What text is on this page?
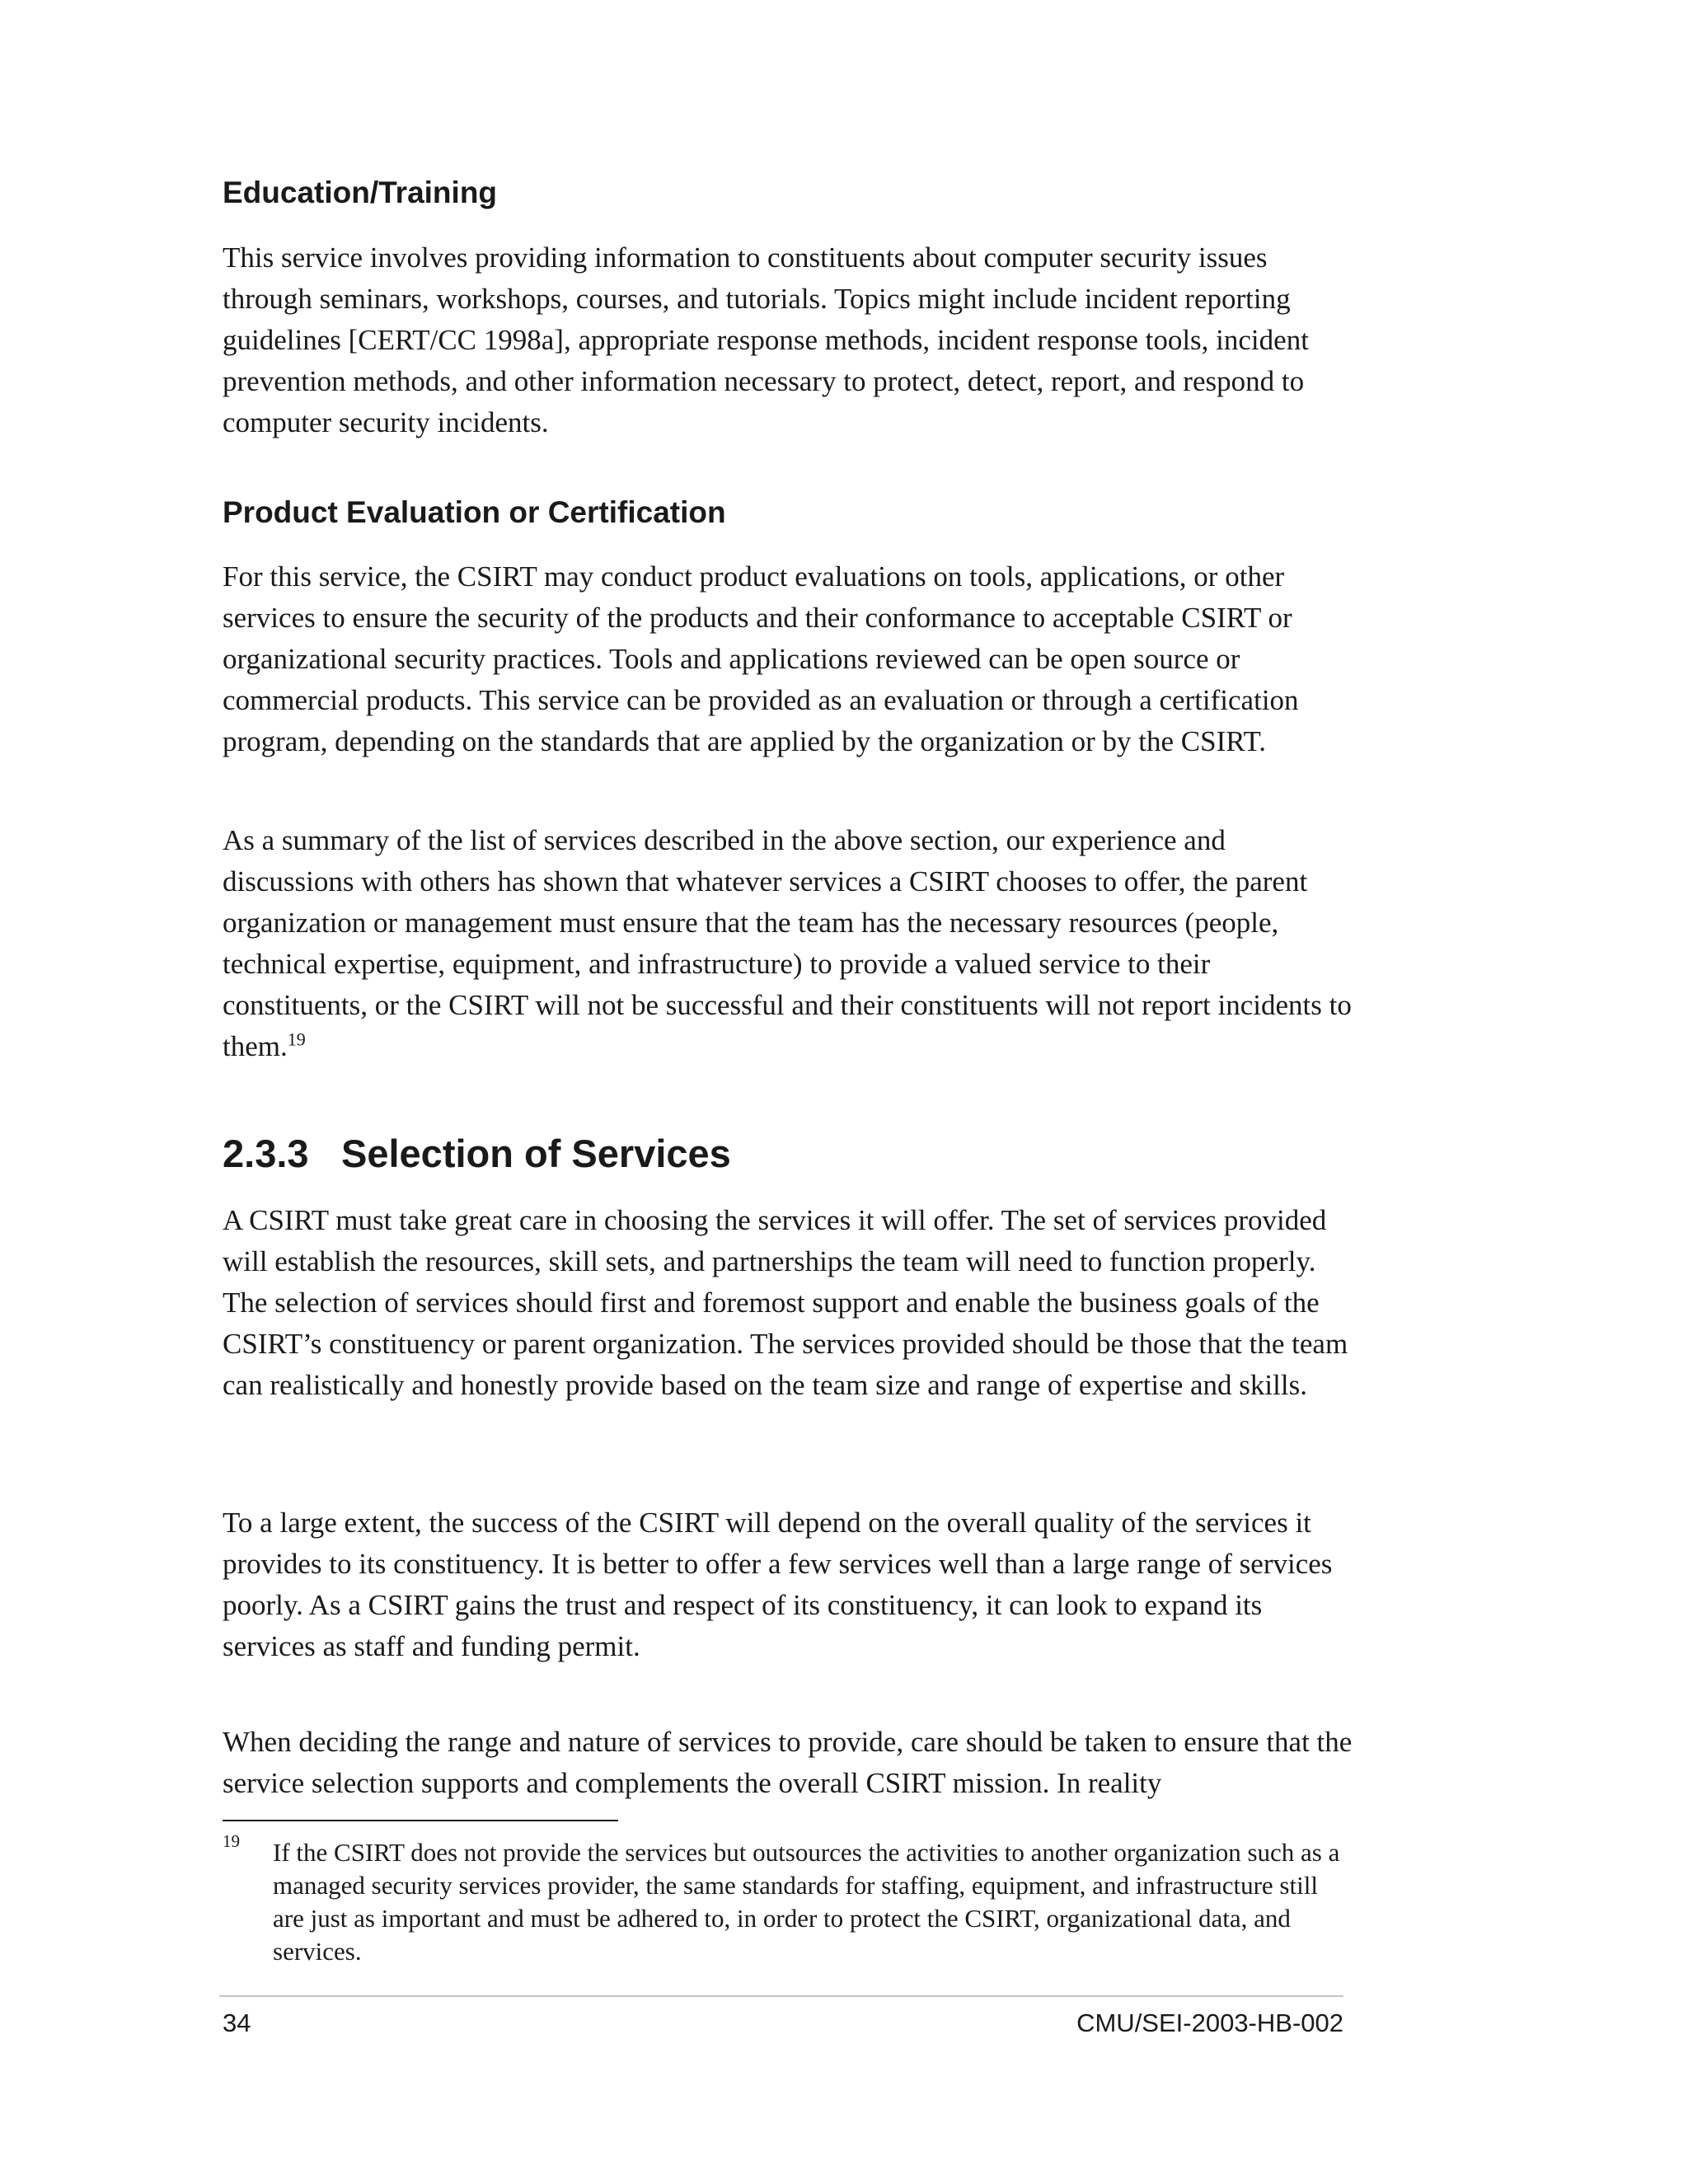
Education/Training

This service involves providing information to constituents about computer security issues through seminars, workshops, courses, and tutorials. Topics might include incident reporting guidelines [CERT/CC 1998a], appropriate response methods, incident response tools, incident prevention methods, and other information necessary to protect, detect, report, and respond to computer security incidents.

Product Evaluation or Certification

For this service, the CSIRT may conduct product evaluations on tools, applications, or other services to ensure the security of the products and their conformance to acceptable CSIRT or organizational security practices. Tools and applications reviewed can be open source or commercial products. This service can be provided as an evaluation or through a certification program, depending on the standards that are applied by the organization or by the CSIRT.

As a summary of the list of services described in the above section, our experience and discussions with others has shown that whatever services a CSIRT chooses to offer, the parent organization or management must ensure that the team has the necessary resources (people, technical expertise, equipment, and infrastructure) to provide a valued service to their constituents, or the CSIRT will not be successful and their constituents will not report incidents to them.$^{19}$

2.3.3 Selection of Services

A CSIRT must take great care in choosing the services it will offer. The set of services provided will establish the resources, skill sets, and partnerships the team will need to function properly. The selection of services should first and foremost support and enable the business goals of the CSIRT’s constituency or parent organization. The services provided should be those that the team can realistically and honestly provide based on the team size and range of expertise and skills.

To a large extent, the success of the CSIRT will depend on the overall quality of the services it provides to its constituency. It is better to offer a few services well than a large range of services poorly. As a CSIRT gains the trust and respect of its constituency, it can look to expand its services as staff and funding permit.

When deciding the range and nature of services to provide, care should be taken to ensure that the service selection supports and complements the overall CSIRT mission. In reality

19 If the CSIRT does not provide the services but outsources the activities to another organization such as a managed security services provider, the same standards for staffing, equipment, and infrastructure still are just as important and must be adhered to, in order to protect the CSIRT, organizational data, and services.
34	CMU/SEI-2003-HB-002
